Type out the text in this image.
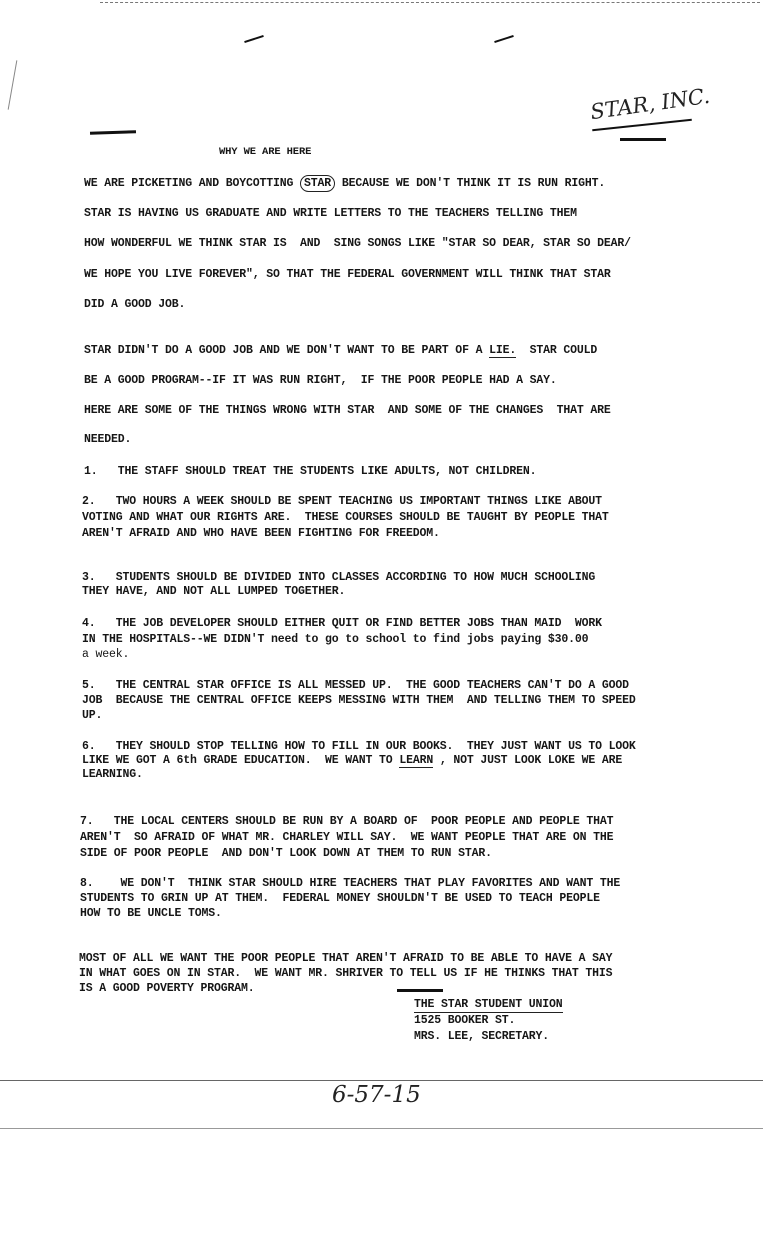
STAR, INC.
6-57-15
WHY WE ARE HERE
WE ARE PICKETING AND BOYCOTTING STAR BECAUSE WE DON'T THINK IT IS RUN RIGHT.
STAR IS HAVING US GRADUATE AND WRITE LETTERS TO THE TEACHERS TELLING THEM
HOW WONDERFUL WE THINK STAR IS  AND  SING SONGS LIKE "STAR SO DEAR, STAR SO DEAR/
WE HOPE YOU LIVE FOREVER", SO THAT THE FEDERAL GOVERNMENT WILL THINK THAT STAR
DID A GOOD JOB.
STAR DIDN'T DO A GOOD JOB AND WE DON'T WANT TO BE PART OF A LIE.  STAR COULD
BE A GOOD PROGRAM--IF IT WAS RUN RIGHT,  IF THE POOR PEOPLE HAD A SAY.
HERE ARE SOME OF THE THINGS WRONG WITH STAR  AND SOME OF THE CHANGES  THAT ARE
NEEDED.
1.   THE STAFF SHOULD TREAT THE STUDENTS LIKE ADULTS, NOT CHILDREN.
2.   TWO HOURS A WEEK SHOULD BE SPENT TEACHING US IMPORTANT THINGS LIKE ABOUT
VOTING AND WHAT OUR RIGHTS ARE.  THESE COURSES SHOULD BE TAUGHT BY PEOPLE THAT
AREN'T AFRAID AND WHO HAVE BEEN FIGHTING FOR FREEDOM.
3.   STUDENTS SHOULD BE DIVIDED INTO CLASSES ACCORDING TO HOW MUCH SCHOOLING
THEY HAVE, AND NOT ALL LUMPED TOGETHER.
4.   THE JOB DEVELOPER SHOULD EITHER QUIT OR FIND BETTER JOBS THAN MAID  WORK
IN THE HOSPITALS--WE DIDN'T need to go to school to find jobs paying $30.00
a week.
5.   THE CENTRAL STAR OFFICE IS ALL MESSED UP.  THE GOOD TEACHERS CAN'T DO A GOOD
JOB  BECAUSE THE CENTRAL OFFICE KEEPS MESSING WITH THEM  AND TELLING THEM TO SPEED
UP.
6.   THEY SHOULD STOP TELLING HOW TO FILL IN OUR BOOKS.  THEY JUST WANT US TO LOOK
LIKE WE GOT A 6th GRADE EDUCATION.  WE WANT TO LEARN , NOT JUST LOOK LOKE WE ARE
LEARNING.
7.   THE LOCAL CENTERS SHOULD BE RUN BY A BOARD OF  POOR PEOPLE AND PEOPLE THAT
AREN'T  SO AFRAID OF WHAT MR. CHARLEY WILL SAY.  WE WANT PEOPLE THAT ARE ON THE
SIDE OF POOR PEOPLE  AND DON'T LOOK DOWN AT THEM TO RUN STAR.
8.    WE DON'T  THINK STAR SHOULD HIRE TEACHERS THAT PLAY FAVORITES AND WANT THE
STUDENTS TO GRIN UP AT THEM.  FEDERAL MONEY SHOULDN'T BE USED TO TEACH PEOPLE
HOW TO BE UNCLE TOMS.
MOST OF ALL WE WANT THE POOR PEOPLE THAT AREN'T AFRAID TO BE ABLE TO HAVE A SAY
IN WHAT GOES ON IN STAR.  WE WANT MR. SHRIVER TO TELL US IF HE THINKS THAT THIS
IS A GOOD POVERTY PROGRAM.
THE STAR STUDENT UNION
1525 BOOKER ST.
MRS. LEE, SECRETARY.
